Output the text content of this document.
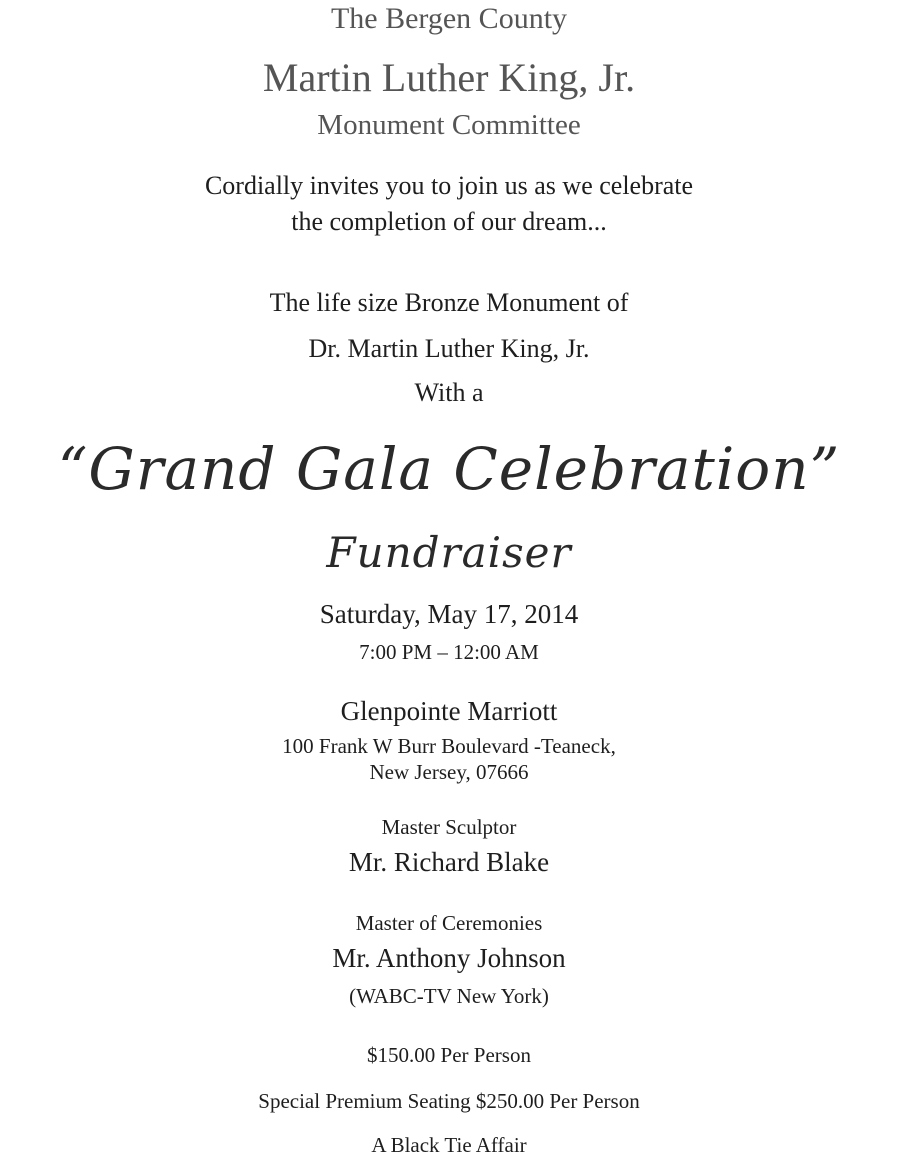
The Bergen County
Martin Luther King, Jr.
Monument Committee
Cordially invites you to join us as we celebrate
the completion of our dream...
The life size Bronze Monument of
Dr. Martin Luther King, Jr.
With a
“Grand Gala Celebration”
Fundraiser
Saturday, May 17, 2014
7:00 PM – 12:00 AM
Glenpointe Marriott
100 Frank W Burr Boulevard -Teaneck,
New Jersey, 07666
Master Sculptor
Mr. Richard Blake
Master of Ceremonies
Mr. Anthony Johnson
(WABC-TV New York)
$150.00 Per Person
Special Premium Seating $250.00 Per Person
A Black Tie Affair
